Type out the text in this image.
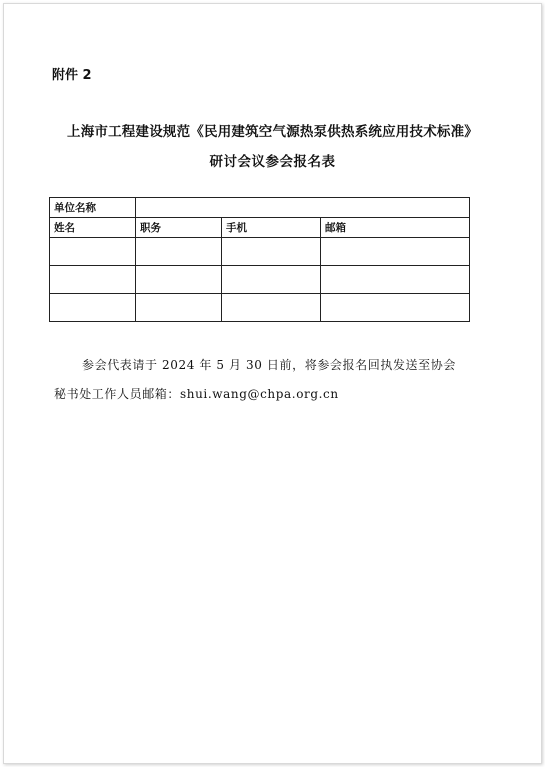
附件 2
上海市工程建设规范《民用建筑空气源热泵供热系统应用技术标准》
研讨会议参会报名表
单位名称			
姓名	职务	手机	邮箱

参会代表请于 2024 年 5 月 30 日前，将参会报名回执发送至协会
秘书处工作人员邮箱：shui.wang@chpa.org.cn
